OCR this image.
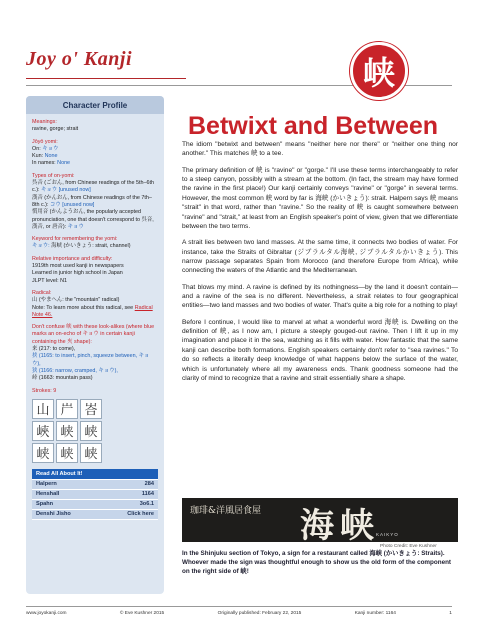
Joy o' Kanji	峡
Character Profile
Meanings:
ravine, gorge; strait
Jōyō yomi:
On: キョウ
Kun: None
In names: None
Types of on-yomi:
呉音 (ごおん, from Chinese readings of the 5th–6th c.): キョウ [unused now]
漢音 (かんおん, from Chinese readings of the 7th–8th c.): コウ [unused now]
慣用音 (かんようおん, the popularly accepted pronunciation, one that doesn't correspond to 呉音, 漢音, or 唐音): キョウ
Keyword for remembering the yomi:
キョウ: 海峡 (かいきょう: strait, channel)
Relative importance and difficulty:
1919th most used kanji in newspapers
Learned in junior high school in Japan
JLPT level: N1
Radical:
山 (やまへん: the "mountain" radical)
Note: To learn more about this radical, see Radical Note 46.
Don't confuse 峡 with these look-alikes (where blue marks an on-echo of キョウ in certain kanji containing the 夾 shape):
来 (217: to come),
挟 (1165: to insert, pinch, squeeze between, キョウ),
狭 (1166: narrow, cramped, キョウ),
峠 (1663: mountain pass)
Strokes: 9
山 屵 峇
峽 峡 峡
峡 峡 峡
Read All About It!	
Halpern	284
Henshall	1164
Spahn	3o6.1
Denshi Jisho	Click here
Betwixt and Between

The idiom "betwixt and between" means "neither here nor there" or "neither one thing nor another." This matches 峡 to a tee.

The primary definition of 峡 is "ravine" or "gorge." I'll use these terms interchangeably to refer to a steep canyon, possibly with a stream at the bottom. (In fact, the stream may have formed the ravine in the first place!) Our kanji certainly conveys "ravine" or "gorge" in several terms. However, the most common 峡 word by far is 海峡 (かいきょう): strait. Halpern says 峡 means "strait" in that word, rather than "ravine." So the reality of 峡 is caught somewhere between "ravine" and "strait," at least from an English speaker's point of view, given that we differentiate between the two terms.

A strait lies between two land masses. At the same time, it connects two bodies of water. For instance, take the Straits of Gibraltar (ジブラルタル海峡, ジブラルタルかいきょう). This narrow passage separates Spain from Morocco (and therefore Europe from Africa), while connecting the waters of the Atlantic and the Mediterranean.

That blows my mind. A ravine is defined by its nothingness—by the land it doesn't contain—and a ravine of the sea is no different. Nevertheless, a strait relates to four geographical entities—two land masses and two bodies of water. That's quite a big role for a nothing to play!

Before I continue, I would like to marvel at what a wonderful word 海峡 is. Dwelling on the definition of 峡, as I now am, I picture a steeply gouged-out ravine. Then I lift it up in my imagination and place it in the sea, watching as it fills with water. How fantastic that the same kanji can describe both formations. English speakers certainly don't refer to "sea ravines." To do so reflects a literally deep knowledge of what happens below the surface of the water, which is unfortunately where all my awareness ends. Thank goodness someone had the clarity of mind to recognize that a ravine and strait essentially share a shape.

珈琲&洋風居食屋 海峡
KAIKYO
Photo Credit: Eve Kushner
In the Shinjuku section of Tokyo, a sign for a restaurant called 海峡 (かいきょう: Straits). Whoever made the sign was thoughtful enough to show us the old form of the component on the right side of 峡!
www.joyokanji.com	© Eve Kushner 2015	Originally published: February 22, 2015	Kanji number: 1164	1
